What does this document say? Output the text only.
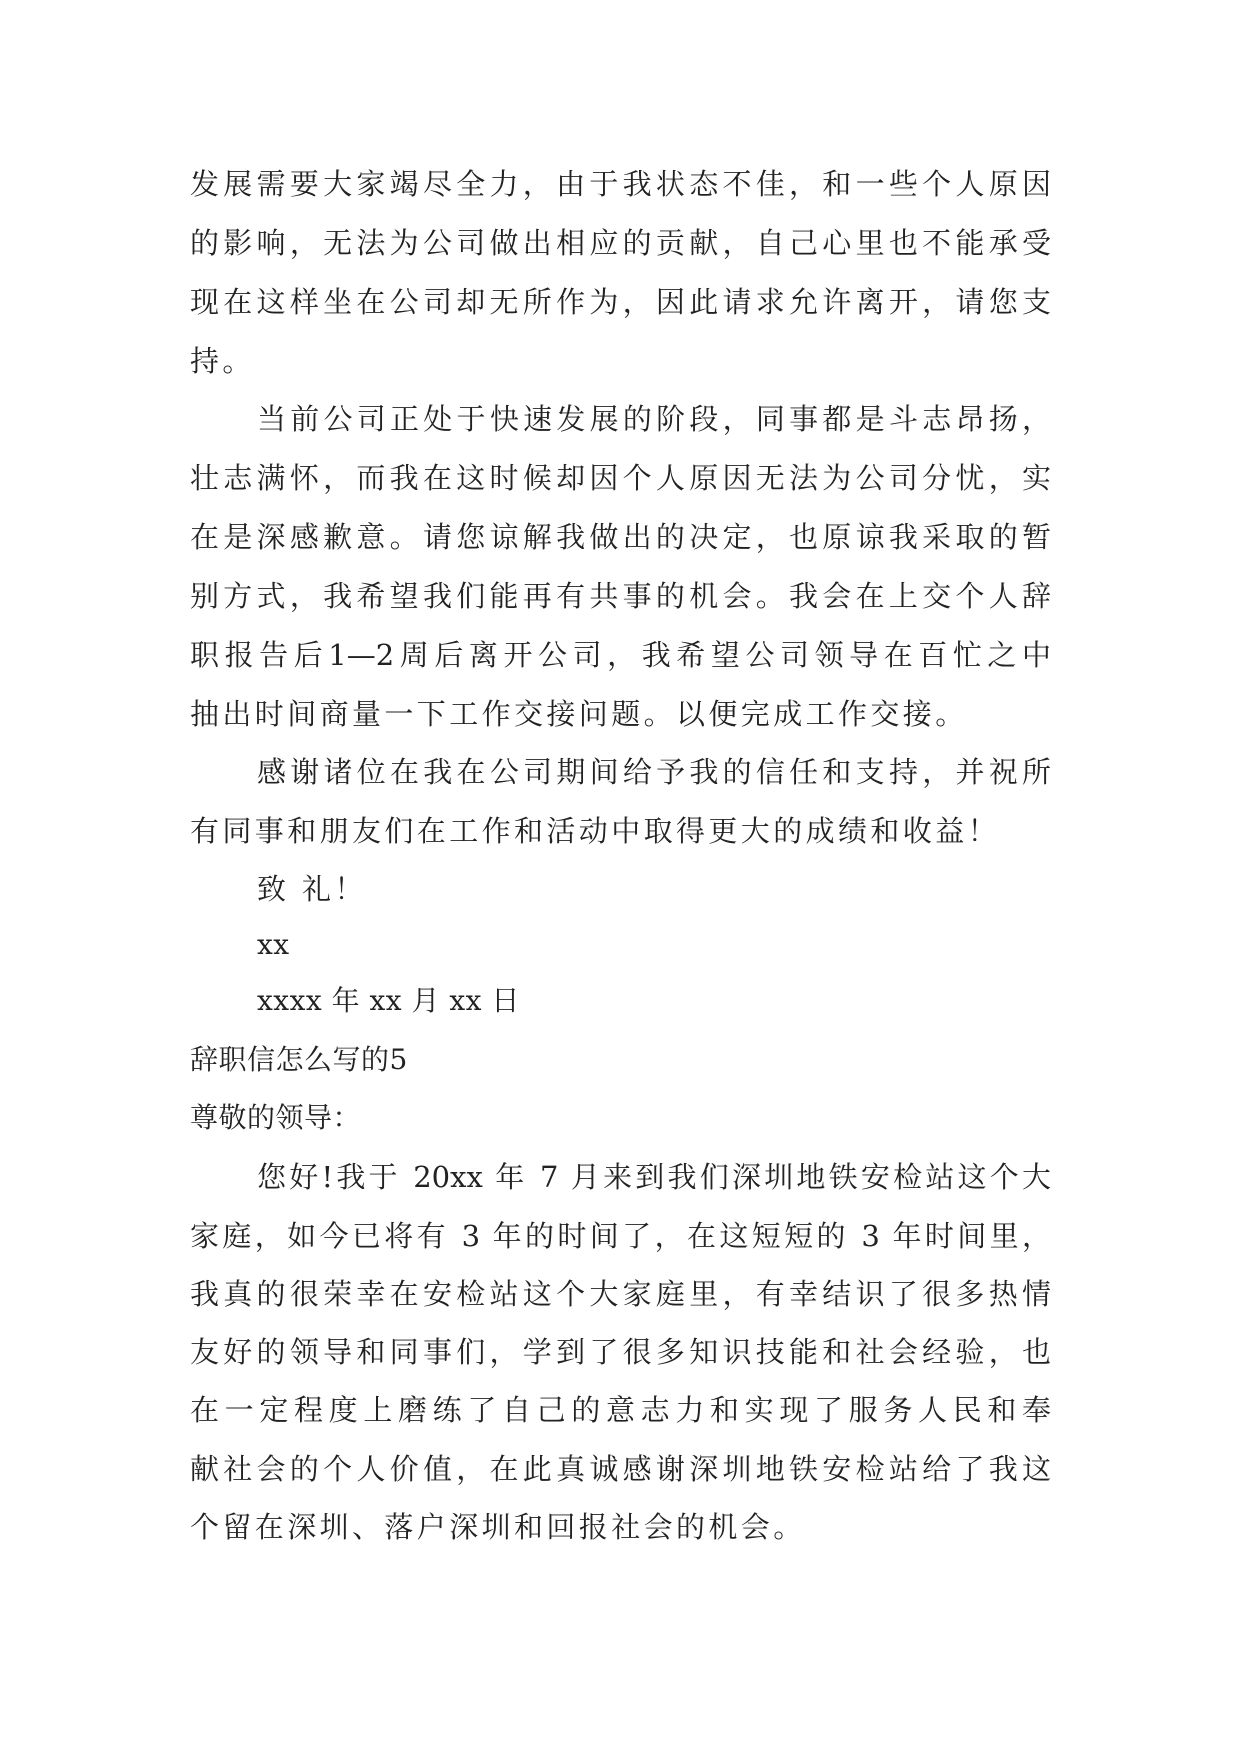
发展需要大家竭尽全力，由于我状态不佳，和一些个人原因
的影响，无法为公司做出相应的贡献，自己心里也不能承受
现在这样坐在公司却无所作为，因此请求允许离开，请您支
持。
当前公司正处于快速发展的阶段，同事都是斗志昂扬，
壮志满怀，而我在这时候却因个人原因无法为公司分忧，实
在是深感歉意。请您谅解我做出的决定，也原谅我采取的暂
别方式，我希望我们能再有共事的机会。我会在上交个人辞
职报告后1—2周后离开公司，我希望公司领导在百忙之中
抽出时间商量一下工作交接问题。以便完成工作交接。
感谢诸位在我在公司期间给予我的信任和支持，并祝所
有同事和朋友们在工作和活动中取得更大的成绩和收益！
致 礼！
xx
xxxx 年 xx 月 xx 日
辞职信怎么写的5
尊敬的领导：
您好!我于 20xx 年 7 月来到我们深圳地铁安检站这个大
家庭，如今已将有 3 年的时间了，在这短短的 3 年时间里，
我真的很荣幸在安检站这个大家庭里，有幸结识了很多热情
友好的领导和同事们，学到了很多知识技能和社会经验，也
在一定程度上磨练了自己的意志力和实现了服务人民和奉
献社会的个人价值，在此真诚感谢深圳地铁安检站给了我这
个留在深圳、落户深圳和回报社会的机会。
